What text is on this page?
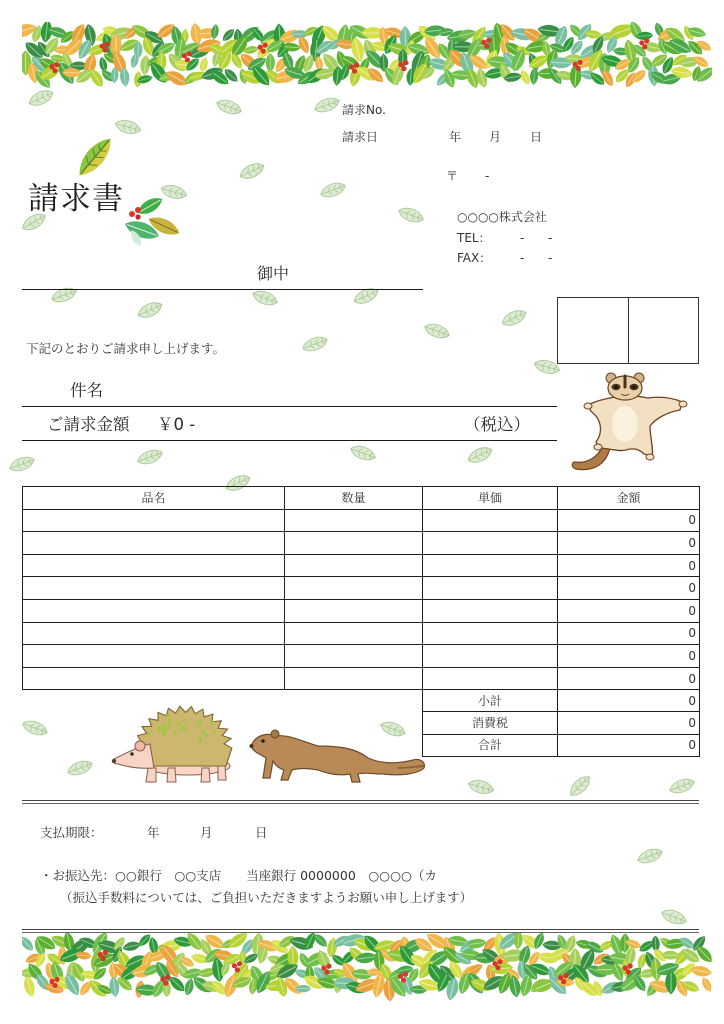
請求書
請求No.
請求日	年 月 日
〒 -
○○○○株式会社
TEL： - -
FAX： - -
御中
下記のとおりご請求申し上げます。
件名
ご請求金額 ￥0 -	（税込）
品名	数量	単価	金額
			0
			0
			0
			0
			0
			0
			0
			0
小計	0
消費税	0
合計	0
支払期限：	年	月	日
・お振込先：○○銀行　○○支店　　当座銀行 0000000　○○○○（カ
（振込手数料については、ご負担いただきますようお願い申し上げます）
